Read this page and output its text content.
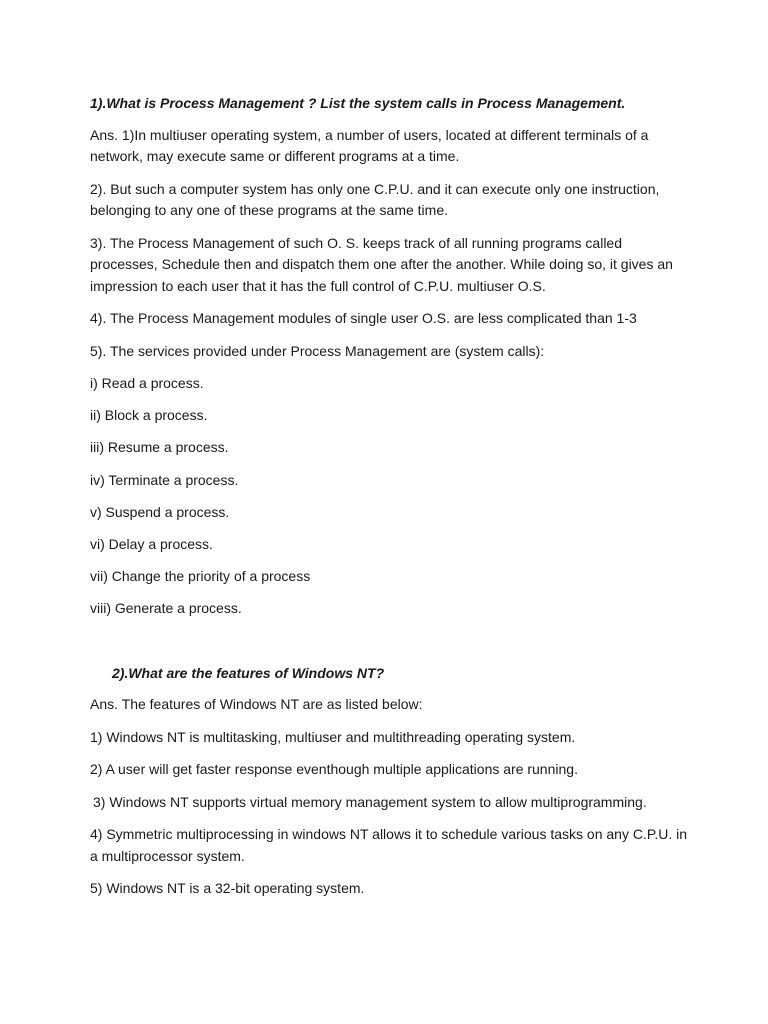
1).What is Process Management ? List the system calls in Process Management.

Ans. 1)In multiuser operating system, a number of users, located at different terminals of a network, may execute same or different programs at a time.

2). But such a computer system has only one C.P.U. and it can execute only one instruction, belonging to any one of these programs at the same time.

3). The Process Management of such O. S. keeps track of all running programs called processes, Schedule then and dispatch them one after the another. While doing so, it gives an impression to each user that it has the full control of C.P.U. multiuser O.S.

4). The Process Management modules of single user O.S. are less complicated than 1-3

5). The services provided under Process Management are (system calls):

i) Read a process.

ii) Block a process.

iii) Resume a process.

iv) Terminate a process.

v) Suspend a process.

vi) Delay a process.

vii) Change the priority of a process

viii) Generate a process.

2).What are the features of Windows NT?

Ans. The features of Windows NT are as listed below:

1) Windows NT is multitasking, multiuser and multithreading operating system.

2) A user will get faster response eventhough multiple applications are running.

3) Windows NT supports virtual memory management system to allow multiprogramming.

4) Symmetric multiprocessing in windows NT allows it to schedule various tasks on any C.P.U. in a multiprocessor system.

5) Windows NT is a 32-bit operating system.
